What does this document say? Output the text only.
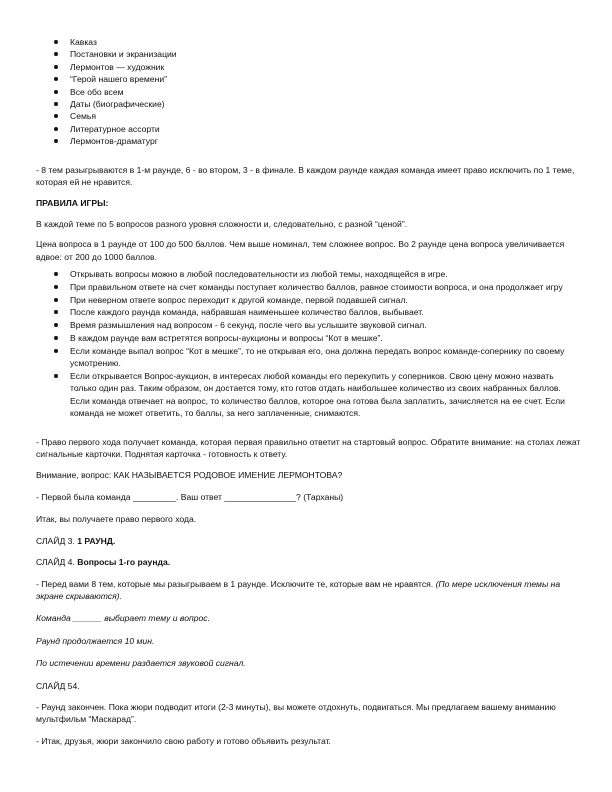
Кавказ
Постановки и экранизации
Лермонтов — художник
“Герой нашего времени”
Все обо всем
Даты (биографические)
Семья
Литературное ассорти
Лермонтов-драматург

- 8 тем разыгрываются в 1-м раунде, 6 - во втором, 3 - в финале. В каждом раунде каждая команда имеет право исключить по 1 теме, которая ей не нравится.

ПРАВИЛА ИГРЫ:

В каждой теме по 5 вопросов разного уровня сложности и, следовательно, с разной “ценой”.

Цена вопроса в 1 раунде от 100 до 500 баллов. Чем выше номинал, тем сложнее вопрос. Во 2 раунде цена вопроса увеличивается вдвое: от 200 до 1000 баллов.

Открывать вопросы можно в любой последовательности из любой темы, находящейся в игре.
При правильном ответе на счет команды поступает количество баллов, равное стоимости вопроса, и она продолжает игру
При неверном ответе вопрос переходит к другой команде, первой подавшей сигнал.
После каждого раунда команда, набравшая наименьшее количество баллов, выбывает.
Время размышления над вопросом - 6 секунд, после чего вы услышите звуковой сигнал.
В каждом раунде вам встретятся вопросы-аукционы и вопросы “Кот в мешке”.
Если команде выпал вопрос “Кот в мешке”, то не открывая его, она должна передать вопрос команде-сопернику по своему усмотрению.
Если открывается Вопрос-аукцион, в интересах любой команды его перекупить у соперников. Свою цену можно назвать только один раз. Таким образом, он достается тому, кто готов отдать наибольшее количество из своих набранных баллов. Если команда отвечает на вопрос, то количество баллов, которое она готова была заплатить, зачисляется на ее счет. Если команда не может ответить, то баллы, за него заплаченные, снимаются.

- Право первого хода получает команда, которая первая правильно ответит на стартовый вопрос. Обратите внимание: на столах лежат сигнальные карточки. Поднятая карточка - готовность к ответу.

Внимание, вопрос: КАК НАЗЫВАЕТСЯ РОДОВОЕ ИМЕНИЕ ЛЕРМОНТОВА?

- Первой была команда _________. Ваш ответ _______________? (Тарханы)

Итак, вы получаете право первого хода.

СЛАЙД 3. 1 РАУНД.

СЛАЙД 4. Вопросы 1-го раунда.

- Перед вами 8 тем, которые мы разыгрываем в 1 раунде. Исключите те, которые вам не нравятся. (По мере исключения темы на экране скрываются).

Команда ______ выбирает тему и вопрос.

Раунд продолжается 10 мин.

По истечении времени раздается звуковой сигнал.

СЛАЙД 54.

- Раунд закончен. Пока жюри подводит итоги (2-3 минуты), вы можете отдохнуть, подвигаться. Мы предлагаем вашему вниманию мультфильм “Маскарад”.

- Итак, друзья, жюри закончило свою работу и готово объявить результат.
